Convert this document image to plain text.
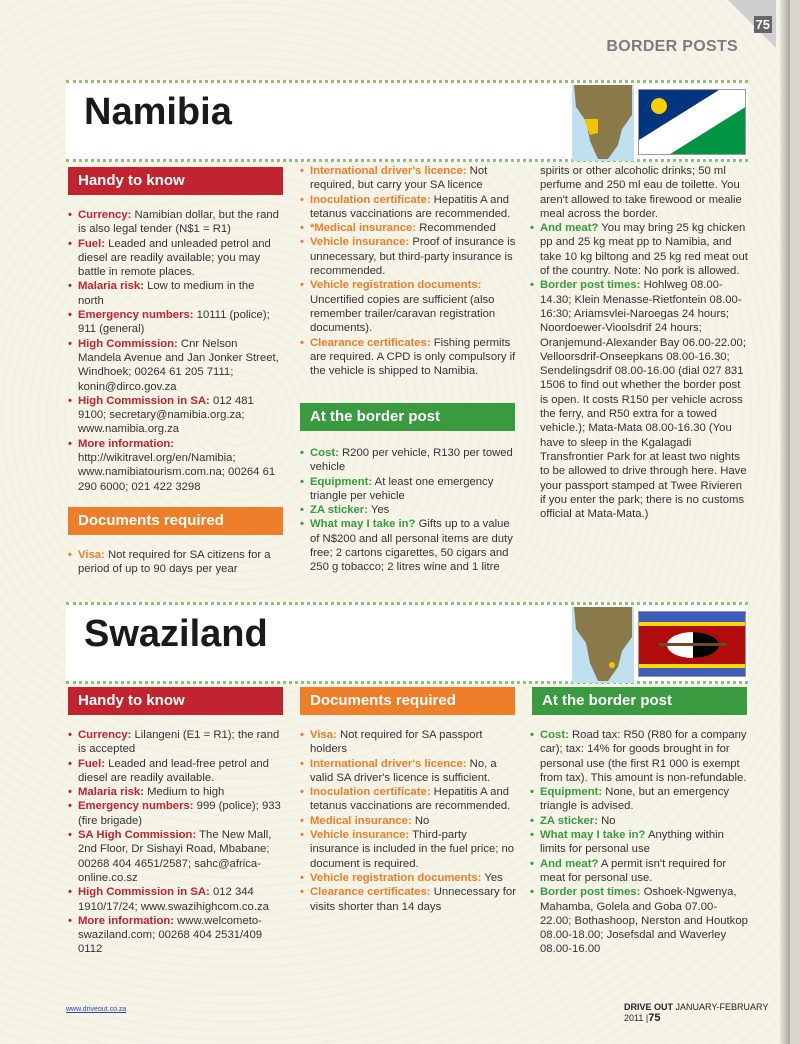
75
BORDER POSTS
Namibia
Handy to know
• Currency: Namibian dollar, but the rand is also legal tender (N$1 = R1)
• Fuel: Leaded and unleaded petrol and diesel are readily available; you may battle in remote places.
• Malaria risk: Low to medium in the north
• Emergency numbers: 10111 (police); 911 (general)
• High Commission: Cnr Nelson Mandela Avenue and Jan Jonker Street, Windhoek; 00264 61 205 7111; konin@dirco.gov.za
• High Commission in SA: 012 481 9100; secretary@namibia.org.za; www.namibia.org.za
• More information: http://wikitravel.org/en/Namibia; www.namibiatourism.com.na; 00264 61 290 6000; 021 422 3298
Documents required
• Visa: Not required for SA citizens for a period of up to 90 days per year
• International driver's licence: Not required, but carry your SA licence
• Inoculation certificate: Hepatitis A and tetanus vaccinations are recommended.
• *Medical insurance: Recommended
• Vehicle insurance: Proof of insurance is unnecessary, but third-party insurance is recommended.
• Vehicle registration documents: Uncertified copies are sufficient (also remember trailer/caravan registration documents).
• Clearance certificates: Fishing permits are required. A CPD is only compulsory if the vehicle is shipped to Namibia.
At the border post
• Cost: R200 per vehicle, R130 per towed vehicle
• Equipment: At least one emergency triangle per vehicle
• ZA sticker: Yes
• What may I take in? Gifts up to a value of N$200 and all personal items are duty free; 2 cartons cigarettes, 50 cigars and 250 g tobacco; 2 litres wine and 1 litre
spirits or other alcoholic drinks; 50 ml perfume and 250 ml eau de toilette. You aren't allowed to take firewood or mealie meal across the border.
• And meat? You may bring 25 kg chicken pp and 25 kg meat pp to Namibia, and take 10 kg biltong and 25 kg red meat out of the country. Note: No pork is allowed.
• Border post times: Hohlweg 08.00-14.30; Klein Menasse-Rietfontein 08.00-16:30; Ariamsvlei-Naroegas 24 hours; Noordoewer-Vioolsdrif 24 hours; Oranjemund-Alexander Bay 06.00-22.00; Velloorsdrif-Onseepkans 08.00-16.30; Sendelingsdrif 08.00-16.00 (dial 027 831 1506 to find out whether the border post is open. It costs R150 per vehicle across the ferry, and R50 extra for a towed vehicle.); Mata-Mata 08.00-16.30 (You have to sleep in the Kgalagadi Transfrontier Park for at least two nights to be allowed to drive through here. Have your passport stamped at Twee Rivieren if you enter the park; there is no customs official at Mata-Mata.)
Swaziland
Handy to know
• Currency: Lilangeni (E1 = R1); the rand is accepted
• Fuel: Leaded and lead-free petrol and diesel are readily available.
• Malaria risk: Medium to high
• Emergency numbers: 999 (police); 933 (fire brigade)
• SA High Commission: The New Mall, 2nd Floor, Dr Sishayi Road, Mbabane; 00268 404 4651/2587; sahc@africa-online.co.sz
• High Commission in SA: 012 344 1910/17/24; www.swazihighcom.co.za
• More information: www.welcometo-swaziland.com; 00268 404 2531/409 0112
Documents required
• Visa: Not required for SA passport holders
• International driver's licence: No, a valid SA driver's licence is sufficient.
• Inoculation certificate: Hepatitis A and tetanus vaccinations are recommended.
• Medical insurance: No
• Vehicle insurance: Third-party insurance is included in the fuel price; no document is required.
• Vehicle registration documents: Yes
• Clearance certificates: Unnecessary for visits shorter than 14 days
At the border post
• Cost: Road tax: R50 (R80 for a company car); tax: 14% for goods brought in for personal use (the first R1 000 is exempt from tax). This amount is non-refundable.
• Equipment: None, but an emergency triangle is advised.
• ZA sticker: No
• What may I take in? Anything within limits for personal use
• And meat? A permit isn't required for meat for personal use.
• Border post times: Oshoek-Ngwenya, Mahamba, Golela and Goba 07.00-22.00; Bothashoop, Nerston and Houtkop 08.00-18.00; Josefsdal and Waverley 08.00-16.00
www.driveout.co.za	DRIVE OUT JANUARY-FEBRUARY 2011 |75
